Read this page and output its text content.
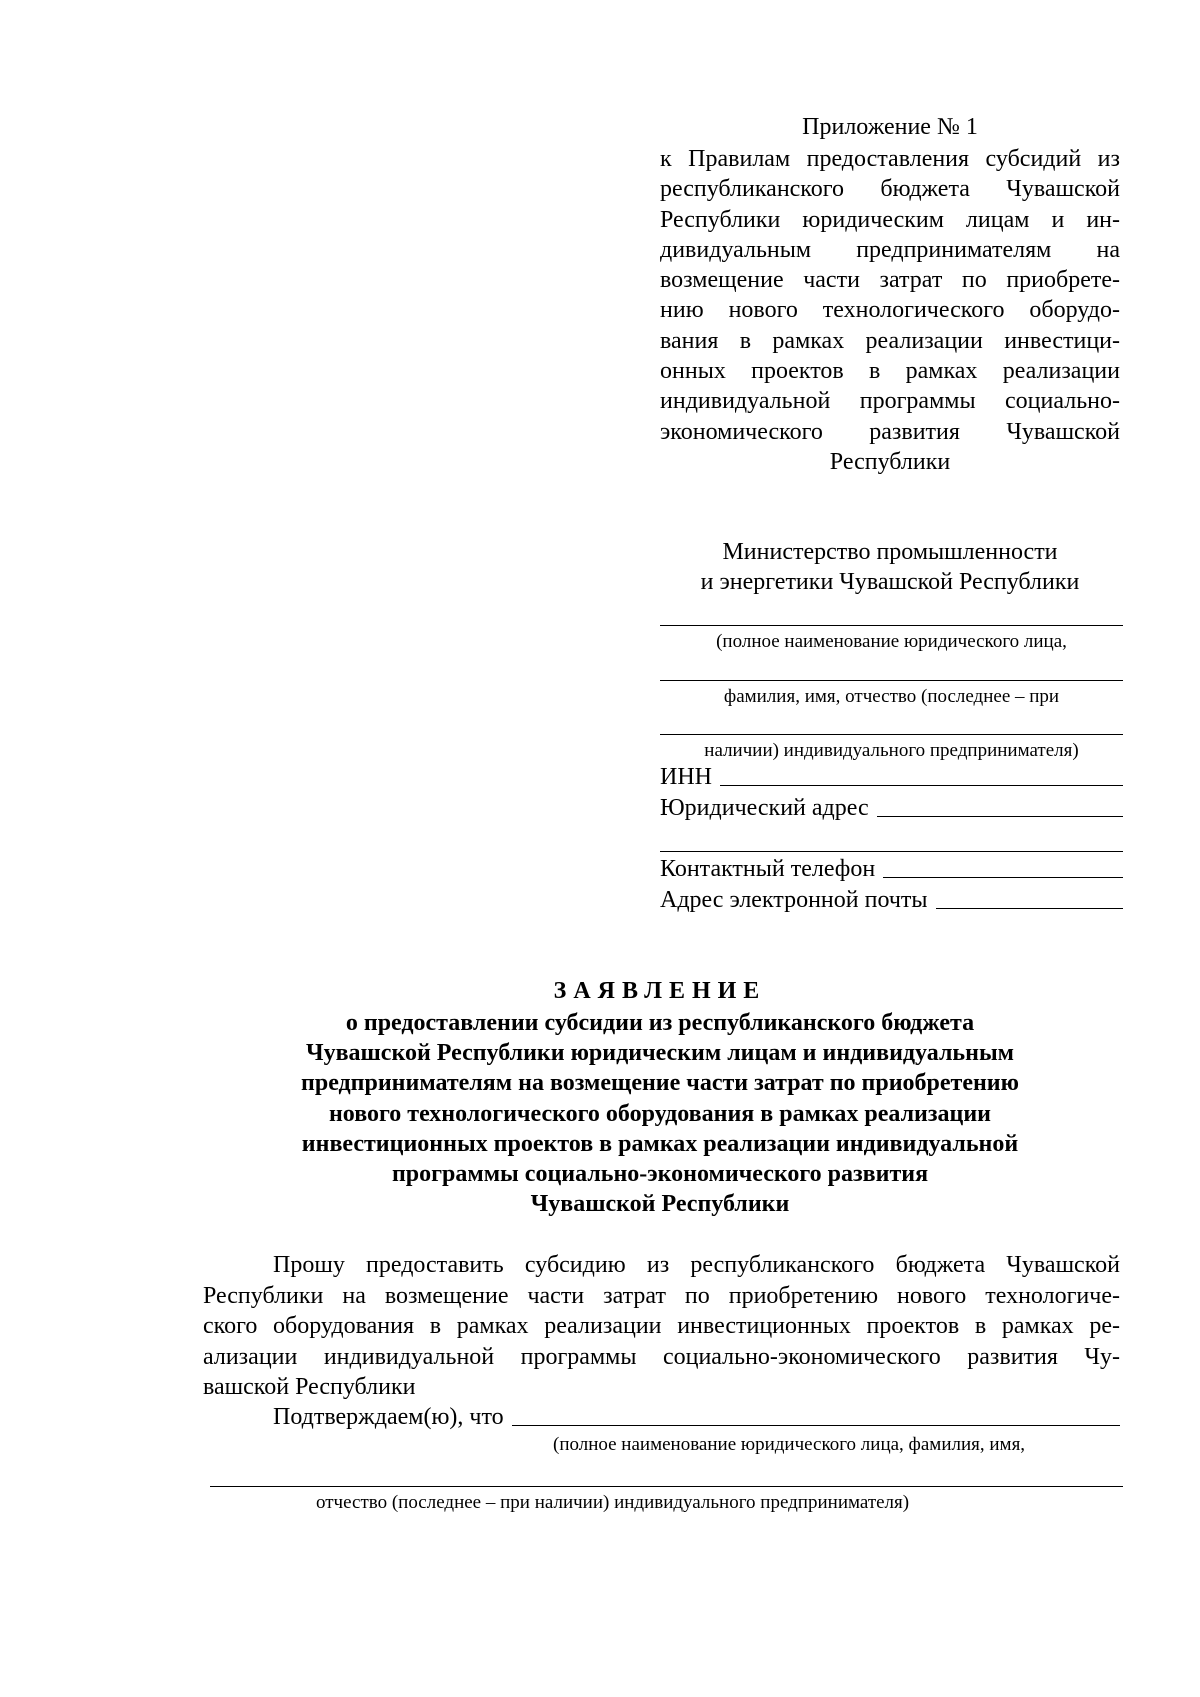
Приложение № 1
к Правилам предоставления субсидий из
республиканского бюджета Чувашской
Республики юридическим лицам и ин-
дивидуальным предпринимателям на
возмещение части затрат по приобрете-
нию нового технологического оборудо-
вания в рамках реализации инвестици-
онных проектов в рамках реализации
индивидуальной программы социально-
экономического развития Чувашской
Республики
Министерство промышленности
и энергетики Чувашской Республики
(полное наименование юридического лица,
фамилия, имя, отчество (последнее – при
наличии) индивидуального предпринимателя)
ИНН
Юридический адрес
Контактный телефон
Адрес электронной почты
ЗАЯВЛЕНИЕ
о предоставлении субсидии из республиканского бюджета
Чувашской Республики юридическим лицам и индивидуальным
предпринимателям на возмещение части затрат по приобретению
нового технологического оборудования в рамках реализации
инвестиционных проектов в рамках реализации индивидуальной
программы социально-экономического развития
Чувашской Республики
Прошу предоставить субсидию из республиканского бюджета Чувашской
Республики на возмещение части затрат по приобретению нового технологиче-
ского оборудования в рамках реализации инвестиционных проектов в рамках ре-
ализации индивидуальной программы социально-экономического развития Чу-
вашской Республики
Подтверждаем(ю), что
(полное наименование юридического лица, фамилия, имя,
отчество (последнее – при наличии) индивидуального предпринимателя)
